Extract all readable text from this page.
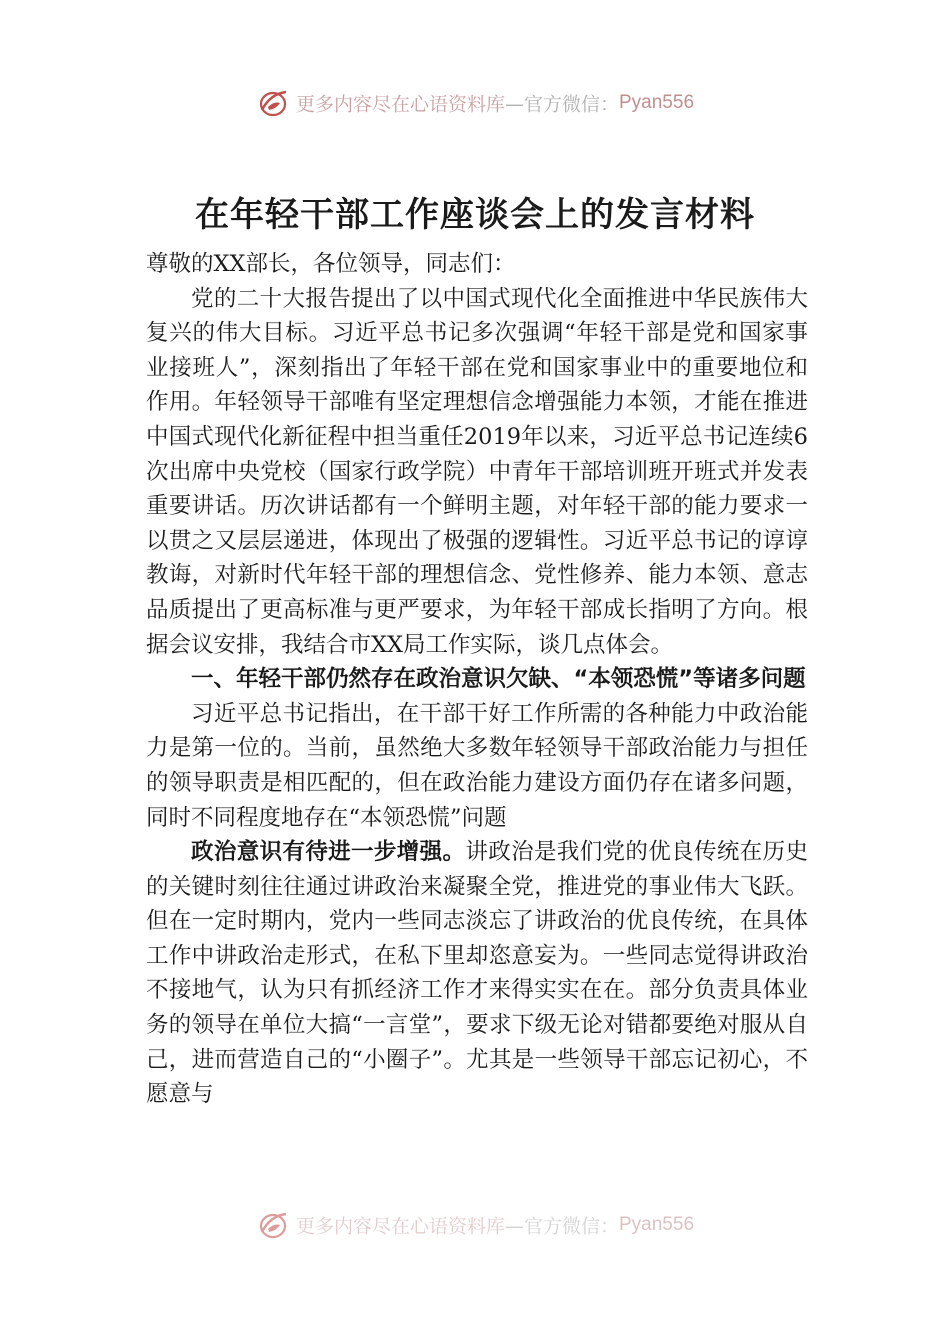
更多内容尽在心语资料库—官方微信：Pyan556
在年轻干部工作座谈会上的发言材料

尊敬的XX部长，各位领导，同志们：

党的二十大报告提出了以中国式现代化全面推进中华民族伟大复兴的伟大目标。习近平总书记多次强调“年轻干部是党和国家事业接班人”，深刻指出了年轻干部在党和国家事业中的重要地位和作用。年轻领导干部唯有坚定理想信念增强能力本领，才能在推进中国式现代化新征程中担当重任2019年以来，习近平总书记连续6次出席中央党校（国家行政学院）中青年干部培训班开班式并发表重要讲话。历次讲话都有一个鲜明主题，对年轻干部的能力要求一以贯之又层层递进，体现出了极强的逻辑性。习近平总书记的谆谆教诲，对新时代年轻干部的理想信念、党性修养、能力本领、意志品质提出了更高标准与更严要求，为年轻干部成长指明了方向。根据会议安排，我结合市XX局工作实际，谈几点体会。

一、年轻干部仍然存在政治意识欠缺、“本领恐慌”等诸多问题

习近平总书记指出，在干部干好工作所需的各种能力中政治能力是第一位的。当前，虽然绝大多数年轻领导干部政治能力与担任的领导职责是相匹配的，但在政治能力建设方面仍存在诸多问题，同时不同程度地存在“本领恐慌”问题

政治意识有待进一步增强。讲政治是我们党的优良传统在历史的关键时刻往往通过讲政治来凝聚全党，推进党的事业伟大飞跃。但在一定时期内，党内一些同志淡忘了讲政治的优良传统，在具体工作中讲政治走形式，在私下里却恣意妄为。一些同志觉得讲政治不接地气，认为只有抓经济工作才来得实实在在。部分负责具体业务的领导在单位大搞“一言堂”，要求下级无论对错都要绝对服从自己，进而营造自己的“小圈子”。尤其是一些领导干部忘记初心，不愿意与

更多内容尽在心语资料库—官方微信：Pyan556
